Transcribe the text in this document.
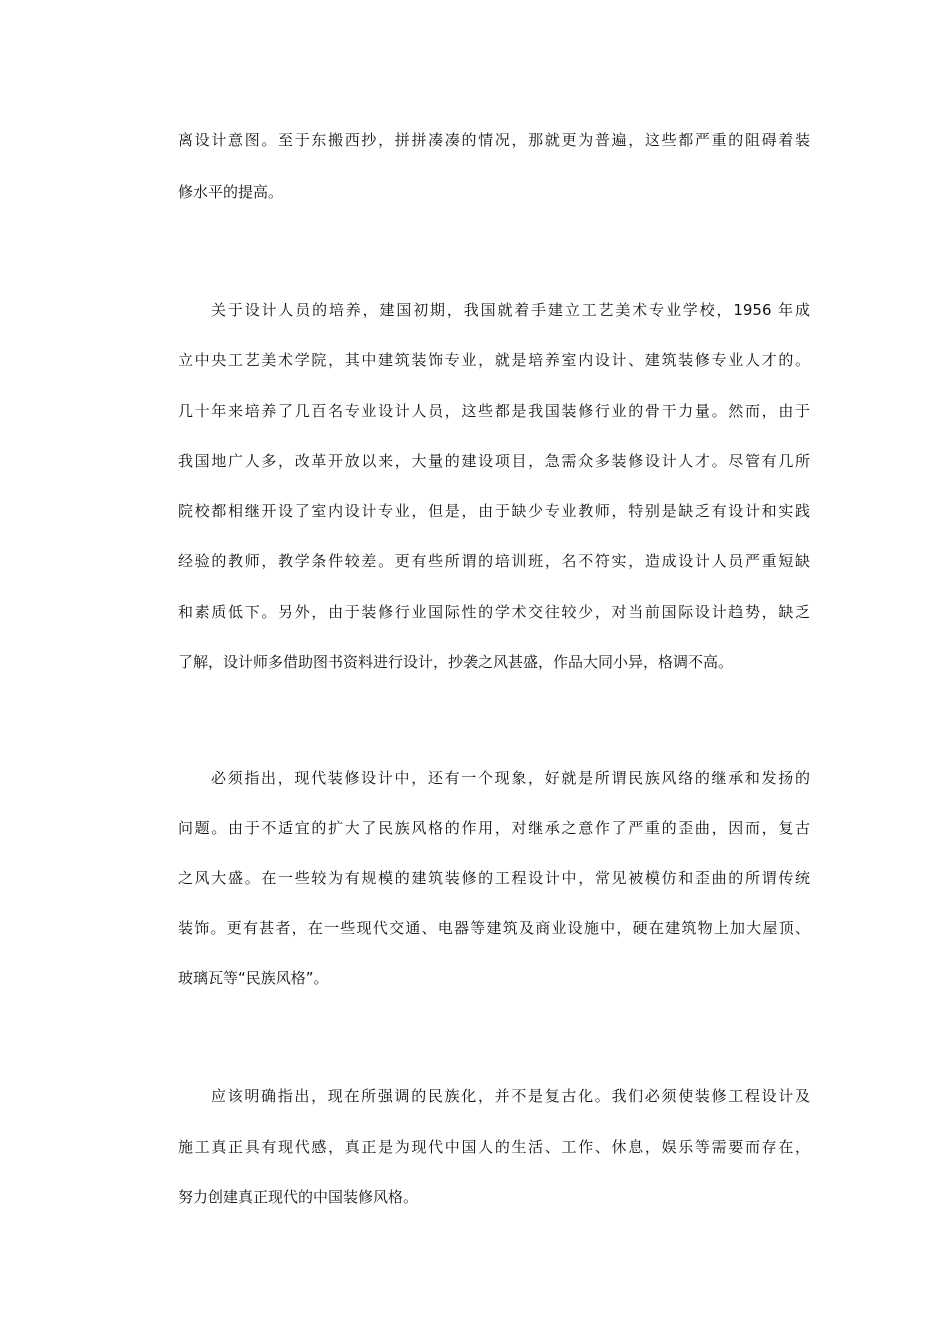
离设计意图。至于东搬西抄，拼拼凑凑的情况，那就更为普遍，这些都严重的阻碍着装
修水平的提高。
关于设计人员的培养，建国初期，我国就着手建立工艺美术专业学校，1956 年成
立中央工艺美术学院，其中建筑装饰专业，就是培养室内设计、建筑装修专业人才的。
几十年来培养了几百名专业设计人员，这些都是我国装修行业的骨干力量。然而，由于
我国地广人多，改革开放以来，大量的建设项目，急需众多装修设计人才。尽管有几所
院校都相继开设了室内设计专业，但是，由于缺少专业教师，特别是缺乏有设计和实践
经验的教师，教学条件较差。更有些所谓的培训班，名不符实，造成设计人员严重短缺
和素质低下。另外，由于装修行业国际性的学术交往较少，对当前国际设计趋势，缺乏
了解，设计师多借助图书资料进行设计，抄袭之风甚盛，作品大同小异，格调不高。
必须指出，现代装修设计中，还有一个现象，好就是所谓民族风络的继承和发扬的
问题。由于不适宜的扩大了民族风格的作用，对继承之意作了严重的歪曲，因而，复古
之风大盛。在一些较为有规模的建筑装修的工程设计中，常见被模仿和歪曲的所谓传统
装饰。更有甚者，在一些现代交通、电器等建筑及商业设施中，硬在建筑物上加大屋顶、
玻璃瓦等“民族风格”。
应该明确指出，现在所强调的民族化，并不是复古化。我们必须使装修工程设计及
施工真正具有现代感，真正是为现代中国人的生活、工作、休息，娱乐等需要而存在，
努力创建真正现代的中国装修风格。
